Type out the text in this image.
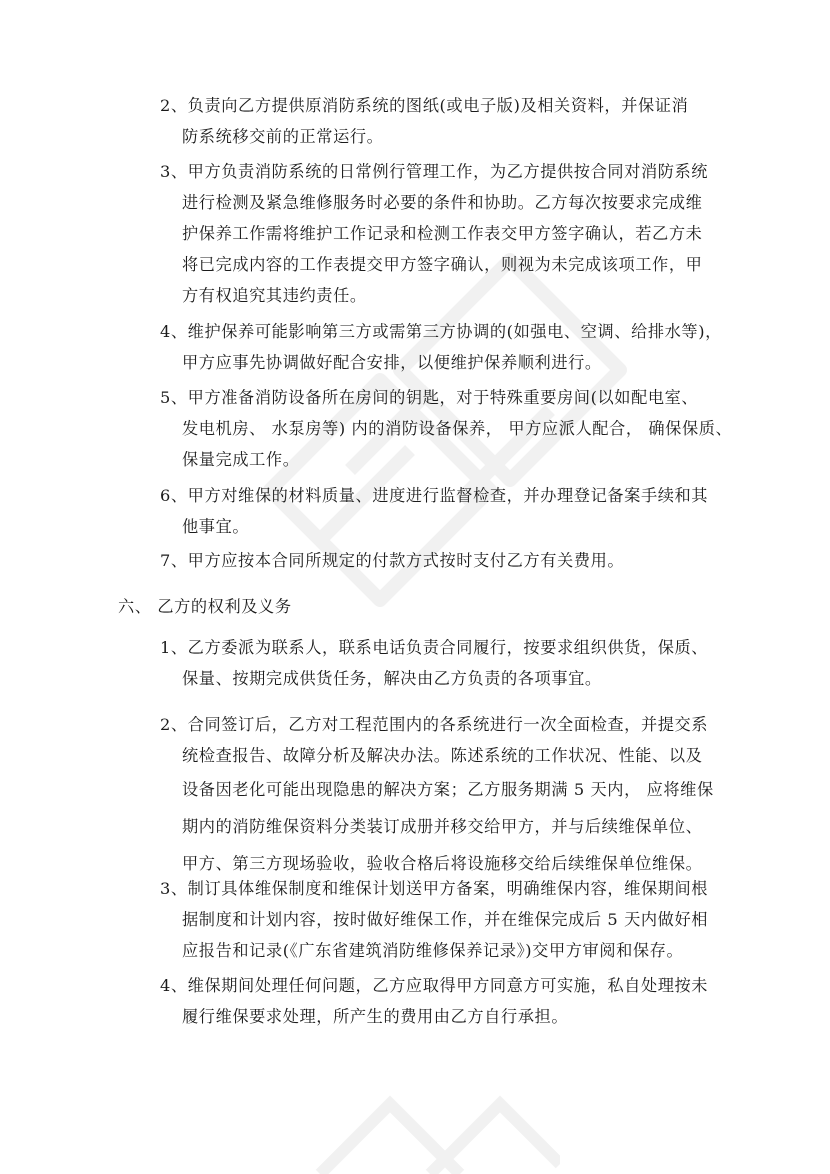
2、负责向乙方提供原消防系统的图纸(或电子版)及相关资料，并保证消
防系统移交前的正常运行。
3、甲方负责消防系统的日常例行管理工作，为乙方提供按合同对消防系统
进行检测及紧急维修服务时必要的条件和协助。乙方每次按要求完成维
护保养工作需将维护工作记录和检测工作表交甲方签字确认，若乙方未
将已完成内容的工作表提交甲方签字确认，则视为未完成该项工作，甲
方有权追究其违约责任。
4、维护保养可能影响第三方或需第三方协调的(如强电、空调、给排水等)，
甲方应事先协调做好配合安排，以便维护保养顺利进行。
5、甲方准备消防设备所在房间的钥匙，对于特殊重要房间(以如配电室、
发电机房、 水泵房等) 内的消防设备保养， 甲方应派人配合， 确保保质、
保量完成工作。
6、甲方对维保的材料质量、进度进行监督检查，并办理登记备案手续和其
他事宜。
7、甲方应按本合同所规定的付款方式按时支付乙方有关费用。
六、 乙方的权利及义务
1、乙方委派为联系人，联系电话负责合同履行，按要求组织供货，保质、
保量、按期完成供货任务，解决由乙方负责的各项事宜。
2、合同签订后，乙方对工程范围内的各系统进行一次全面检查，并提交系
统检查报告、故障分析及解决办法。陈述系统的工作状况、性能、以及
设备因老化可能出现隐患的解决方案；乙方服务期满 5 天内， 应将维保
期内的消防维保资料分类装订成册并移交给甲方，并与后续维保单位、
甲方、第三方现场验收，验收合格后将设施移交给后续维保单位维保。
3、制订具体维保制度和维保计划送甲方备案，明确维保内容，维保期间根
据制度和计划内容，按时做好维保工作，并在维保完成后 5 天内做好相
应报告和记录(《广东省建筑消防维修保养记录》)交甲方审阅和保存。
4、维保期间处理任何问题，乙方应取得甲方同意方可实施，私自处理按未
履行维保要求处理，所产生的费用由乙方自行承担。
